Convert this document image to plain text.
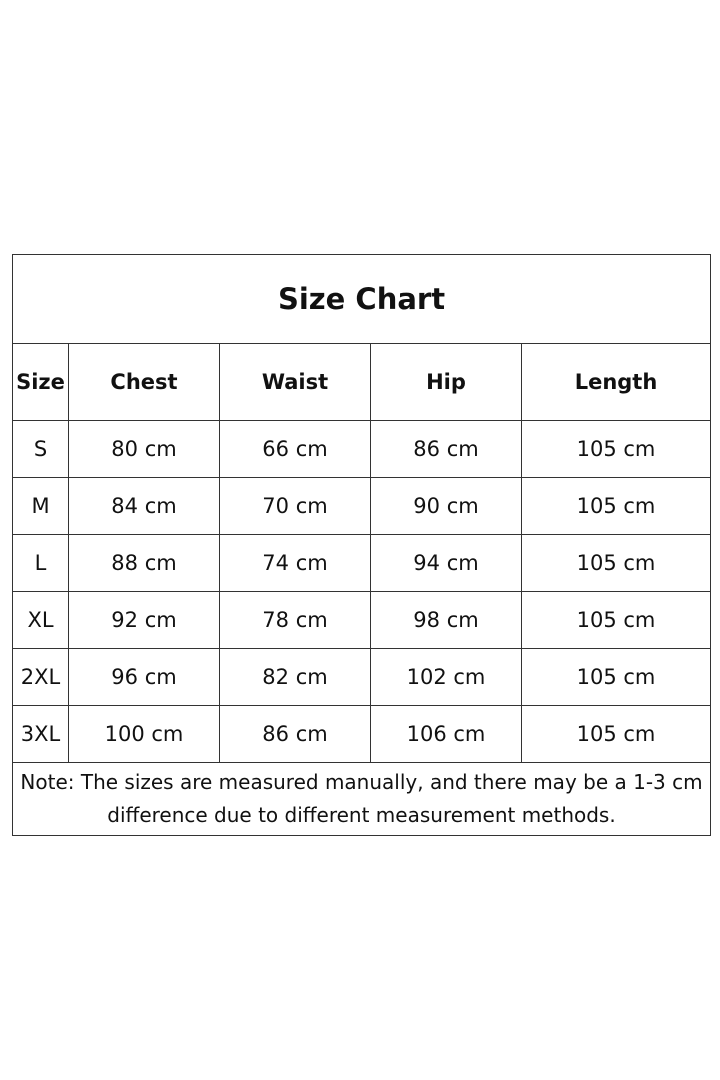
Size Chart				
Size	Chest	Waist	Hip	Length
S	80 cm	66 cm	86 cm	105 cm
M	84 cm	70 cm	90 cm	105 cm
L	88 cm	74 cm	94 cm	105 cm
XL	92 cm	78 cm	98 cm	105 cm
2XL	96 cm	82 cm	102 cm	105 cm
3XL	100 cm	86 cm	106 cm	105 cm
Note: The sizes are measured manually, and there may be a 1-3 cm difference due to different measurement methods.				
